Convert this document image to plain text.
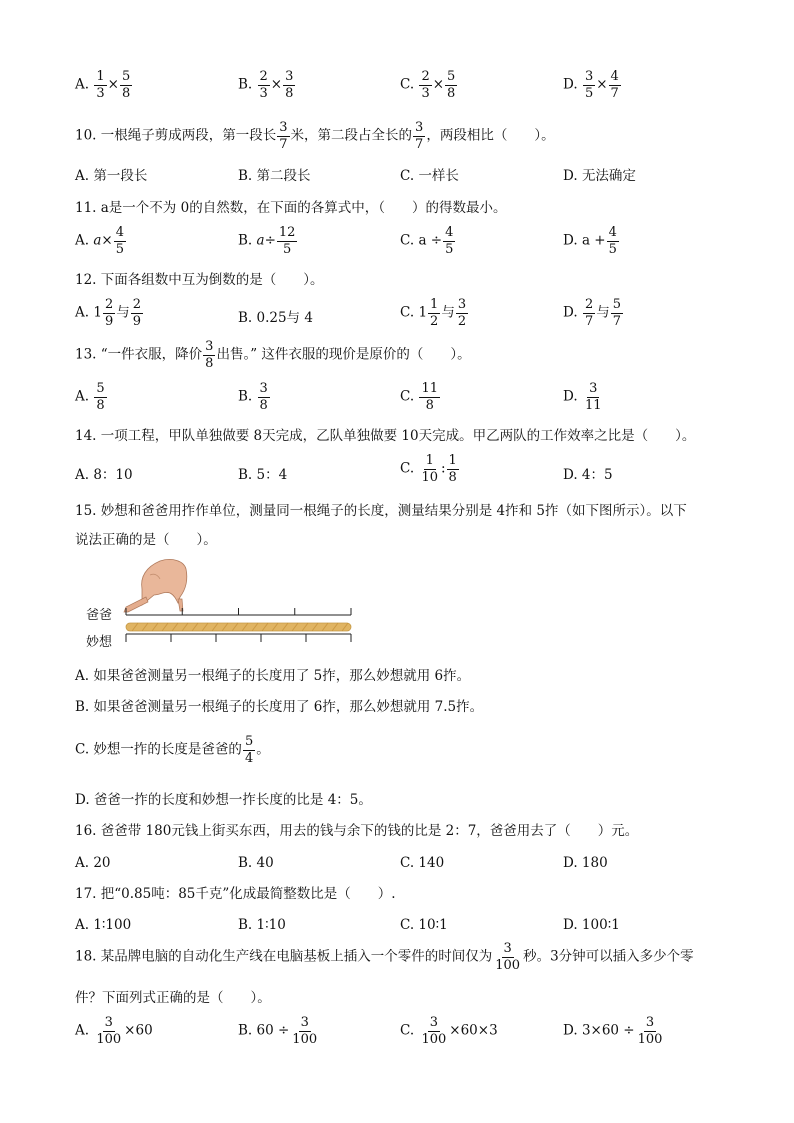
A. $\frac{1}{3} \times \frac{5}{8}$	B. $\frac{2}{3} \times \frac{3}{8}$	C. $\frac{2}{3} \times \frac{5}{8}$	D. $\frac{3}{5} \times \frac{4}{7}$
10. 一根绳子剪成两段，第一段长 $\frac{3}{7}$ 米，第二段占全长的 $\frac{3}{7}$ ，两段相比（　　）。
A. 第一段长	B. 第二段长	C. 一样长	D. 无法确定
11. a是一个不为 0的自然数，在下面的各算式中，（　　）的得数最小。
A. $a\times \frac{4}{5}$	B. $a\div \frac{12}{5}$	C. $a \div \frac{4}{5}$	D. $a + \frac{4}{5}$
12. 下面各组数中互为倒数的是（　　）。
A. $1 \frac{2}{9}$ 与 $\frac{2}{9}$	B. 0.25与 4	C. $1 \frac{1}{2}$ 与 $\frac{3}{2}$	D. $\frac{2}{7}$ 与 $\frac{5}{7}$
13. “一件衣服，降价 $\frac{3}{8}$ 出售。” 这件衣服的现价是原价的（　　）。
A. $\frac{5}{8}$	B. $\frac{3}{8}$	C. $\frac{11}{8}$	D. $\frac{3}{11}$
14. 一项工程，甲队单独做要 8天完成，乙队单独做要 10天完成。甲乙两队的工作效率之比是（　　）。
A. 8：10	B. 5：4	C. $\frac{1}{10}$ : $\frac{1}{8}$	D. 4：5
15. 妙想和爸爸用拃作单位，测量同一根绳子的长度，测量结果分别是 4拃和 5拃（如下图所示）。以下
说法正确的是（　　）。
爸爸
妙想
A. 如果爸爸测量另一根绳子的长度用了 5拃，那么妙想就用 6拃。
B. 如果爸爸测量另一根绳子的长度用了 6拃，那么妙想就用 7.5拃。
C. 妙想一拃的长度是爸爸的 $\frac{5}{4}$ 。
D. 爸爸一拃的长度和妙想一拃长度的比是 4：5。
16. 爸爸带 180元钱上街买东西，用去的钱与余下的钱的比是 2：7，爸爸用去了（　　）元。
A. 20	B. 40	C. 140	D. 180
17. 把“0.85吨：85千克”化成最简整数比是（　　）.
A. 1∶100	B. 1∶10	C. 10∶1	D. 100∶1
18. 某品牌电脑的自动化生产线在电脑基板上插入一个零件的时间仅为 $\frac{3}{100}$ 秒。3分钟可以插入多少个零
件？下面列式正确的是（　　）。
A. $\frac{3}{100} \times 60$	B. $60 \div \frac{3}{100}$	C. $\frac{3}{100} \times 60\times 3$	D. $3\times 60 \div \frac{3}{100}$
